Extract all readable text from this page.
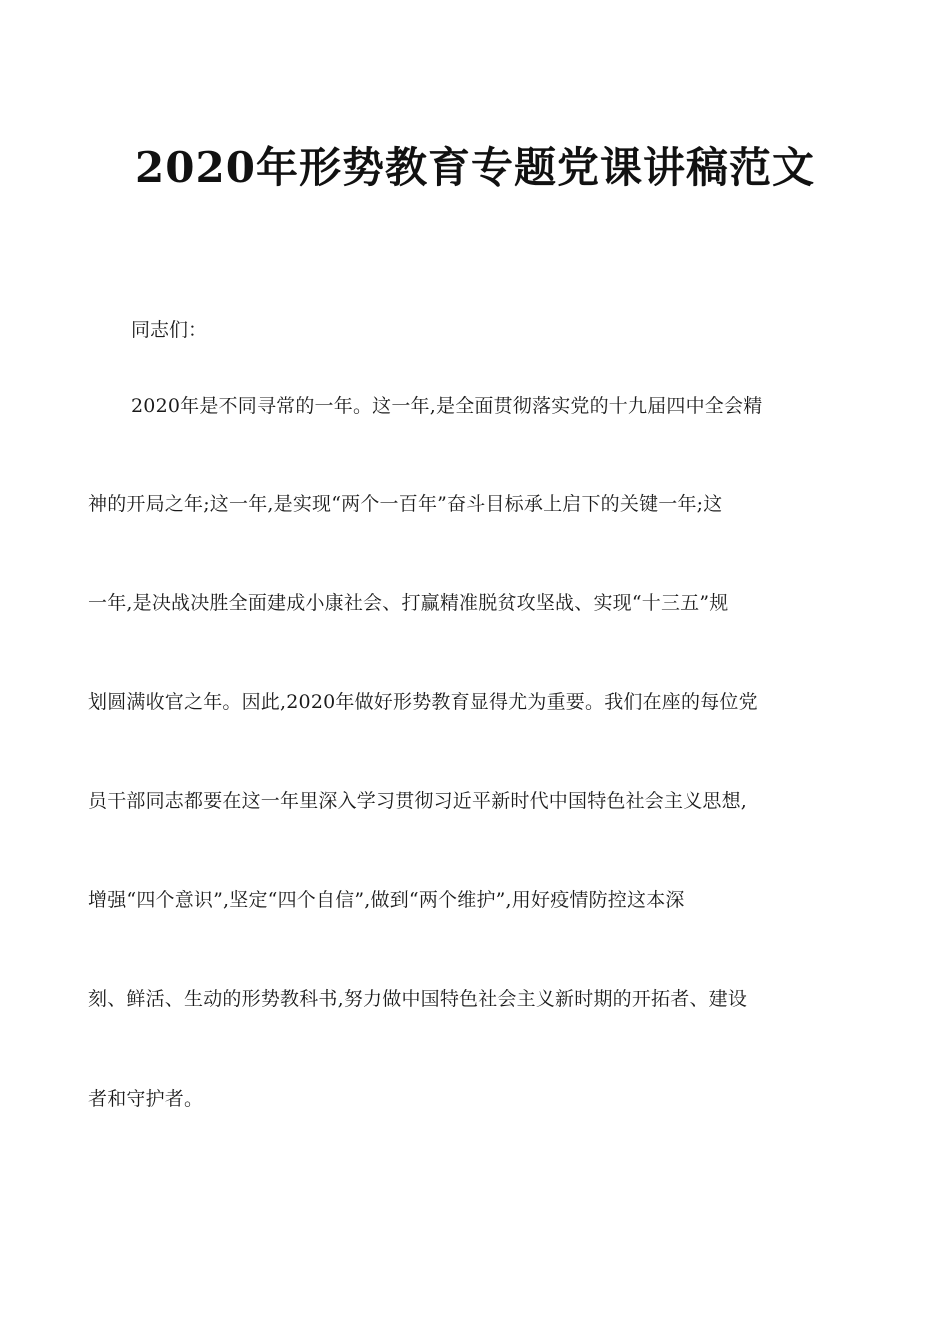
2020年形势教育专题党课讲稿范文

同志们：

2020年是不同寻常的一年。这一年,是全面贯彻落实党的十九届四中全会精

神的开局之年;这一年,是实现“两个一百年”奋斗目标承上启下的关键一年;这

一年,是决战决胜全面建成小康社会、打赢精准脱贫攻坚战、实现“十三五”规

划圆满收官之年。因此,2020年做好形势教育显得尤为重要。我们在座的每位党

员干部同志都要在这一年里深入学习贯彻习近平新时代中国特色社会主义思想,

增强“四个意识”,坚定“四个自信”,做到“两个维护”,用好疫情防控这本深

刻、鲜活、生动的形势教科书,努力做中国特色社会主义新时期的开拓者、建设

者和守护者。
